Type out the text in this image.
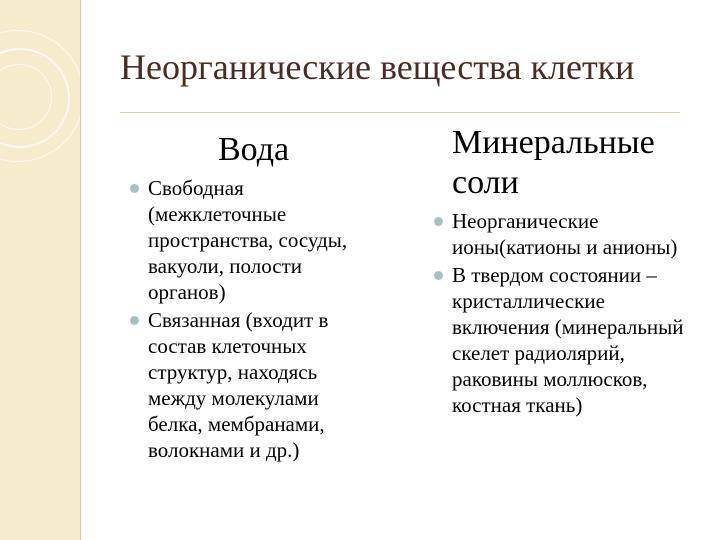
Неорганические вещества клетки
Вода
Свободная (межклеточные пространства, сосуды, вакуоли, полости органов)
Связанная (входит в состав клеточных структур, находясь между молекулами белка, мембранами, волокнами и др.)
Минеральные соли
Неорганические ионы(катионы и анионы)
В твердом состоянии – кристаллические включения (минеральный скелет радиолярий, раковины моллюсков, костная ткань)
